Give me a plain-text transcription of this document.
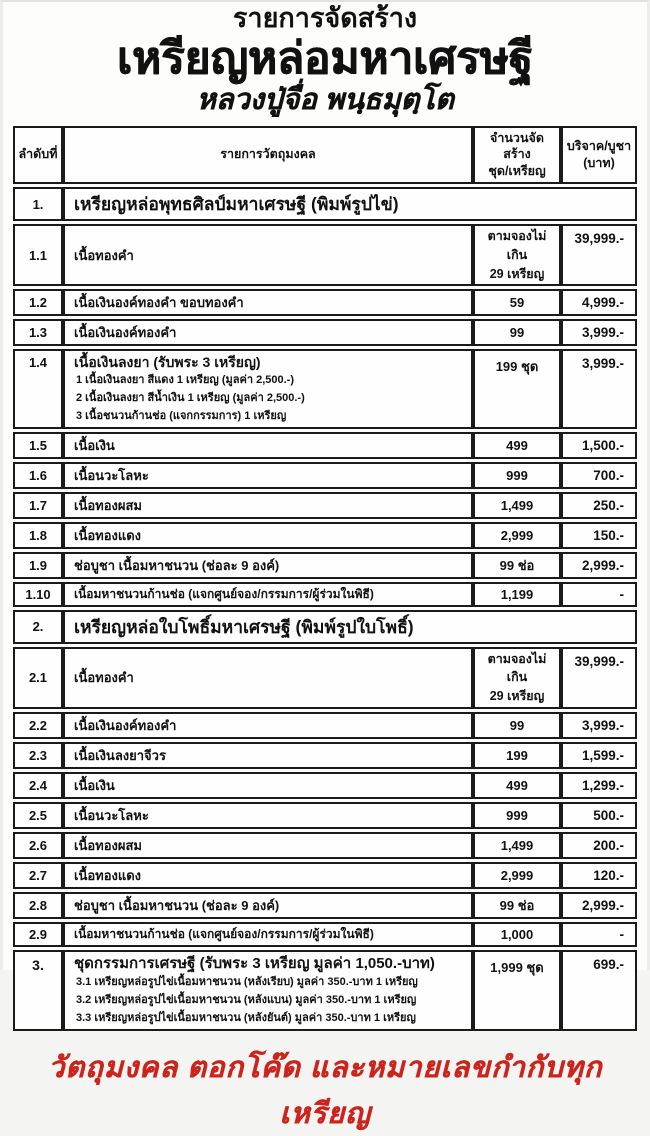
รายการจัดสร้าง
เหรียญหล่อมหาเศรษฐี
หลวงปู่จื่อ พนฺธมุตฺโต
ลำดับที่	รายการวัตถุมงคล	จำนวนจัดสร้าง
ชุด/เหรียญ	บริจาค/บูชา
(บาท)
1.	เหรียญหล่อพุทธศิลป์มหาเศรษฐี (พิมพ์รูปไข่)		
1.1	เนื้อทองคำ	ตามจองไม่เกิน
29 เหรียญ	39,999.-
1.2	เนื้อเงินองค์ทองคำ ขอบทองคำ	59	4,999.-
1.3	เนื้อเงินองค์ทองคำ	99	3,999.-
1.4	เนื้อเงินลงยา (รับพระ 3 เหรียญ)
1 เนื้อเงินลงยา สีแดง 1 เหรียญ (มูลค่า 2,500.-)
2 เนื้อเงินลงยา สีน้ำเงิน 1 เหรียญ (มูลค่า 2,500.-)
3 เนื้อชนวนก้านช่อ (แจกกรรมการ) 1 เหรียญ	199 ชุด	3,999.-
1.5	เนื้อเงิน	499	1,500.-
1.6	เนื้อนวะโลหะ	999	700.-
1.7	เนื้อทองผสม	1,499	250.-
1.8	เนื้อทองแดง	2,999	150.-
1.9	ช่อบูชา เนื้อมหาชนวน (ช่อละ 9 องค์)	99 ช่อ	2,999.-
1.10	เนื้อมหาชนวนก้านช่อ (แจกศูนย์จอง/กรรมการ/ผู้ร่วมในพิธี)	1,199	-
2.	เหรียญหล่อใบโพธิ์มหาเศรษฐี (พิมพ์รูปใบโพธิ์)		
2.1	เนื้อทองคำ	ตามจองไม่เกิน
29 เหรียญ	39,999.-
2.2	เนื้อเงินองค์ทองคำ	99	3,999.-
2.3	เนื้อเงินลงยาจีวร	199	1,599.-
2.4	เนื้อเงิน	499	1,299.-
2.5	เนื้อนวะโลหะ	999	500.-
2.6	เนื้อทองผสม	1,499	200.-
2.7	เนื้อทองแดง	2,999	120.-
2.8	ช่อบูชา เนื้อมหาชนวน (ช่อละ 9 องค์)	99 ช่อ	2,999.-
2.9	เนื้อมหาชนวนก้านช่อ (แจกศูนย์จอง/กรรมการ/ผู้ร่วมในพิธี)	1,000	-
3.	ชุดกรรมการเศรษฐี (รับพระ 3 เหรียญ มูลค่า 1,050.-บาท)
3.1 เหรียญหล่อรูปไข่เนื้อมหาชนวน (หลังเรียบ) มูลค่า 350.-บาท 1 เหรียญ
3.2 เหรียญหล่อรูปไข่เนื้อมหาชนวน (หลังแบน) มูลค่า 350.-บาท 1 เหรียญ
3.3 เหรียญหล่อรูปไข่เนื้อมหาชนวน (หลังยันต์) มูลค่า 350.-บาท 1 เหรียญ	1,999 ชุด	699.-
วัตถุมงคล ตอกโค๊ด และหมายเลขกำกับทุกเหรียญ
